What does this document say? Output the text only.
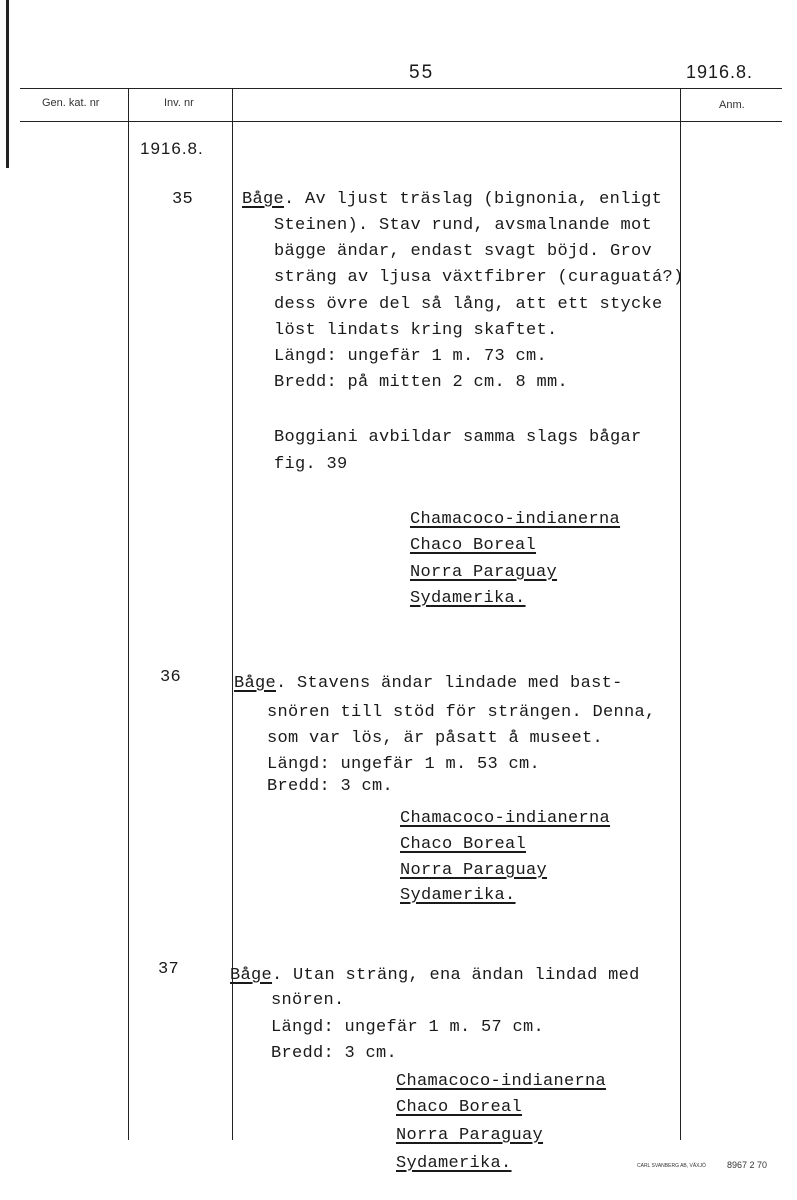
55	1916.8.
Gen. kat. nr	Inv. nr	Anm.
1916.8.
35	Båge. Av ljust träslag (bignonia, enligt
Steinen). Stav rund, avsmalnande mot
bägge ändar, endast svagt böjd. Grov
sträng av ljusa växtfibrer (curaguatá?)
dess övre del så lång, att ett stycke
löst lindats kring skaftet.
Längd: ungefär 1 m. 73 cm.
Bredd: på mitten 2 cm. 8 mm.
Boggiani avbildar samma slags bågar
fig. 39
Chamacoco-indianerna
Chaco Boreal
Norra Paraguay
Sydamerika.
36	Båge. Stavens ändar lindade med bast-
snören till stöd för strängen. Denna,
som var lös, är påsatt å museet.
Längd: ungefär 1 m. 53 cm.
Bredd: 3 cm.
Chamacoco-indianerna
Chaco Boreal
Norra Paraguay
Sydamerika.
37	Båge. Utan sträng, ena ändan lindad med
snören.
Längd: ungefär 1 m. 57 cm.
Bredd: 3 cm.
Chamacoco-indianerna
Chaco Boreal
Norra Paraguay
Sydamerika.	CARL SVANBERG AB, VÄXJÖ 8967 2 70
